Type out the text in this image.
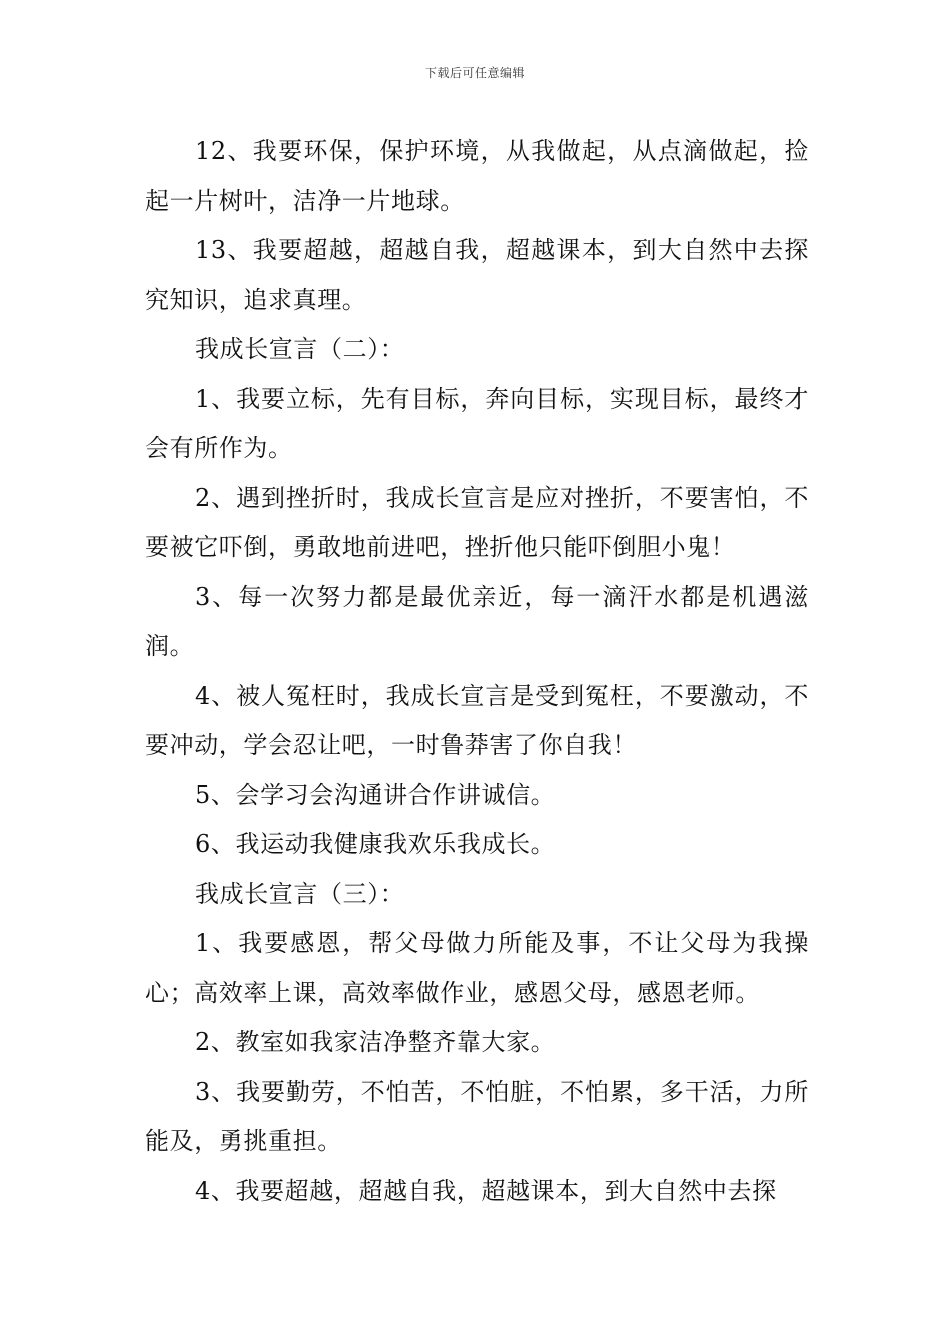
下载后可任意编辑

12、我要环保，保护环境，从我做起，从点滴做起，捡起一片树叶，洁净一片地球。

13、我要超越，超越自我，超越课本，到大自然中去探究知识，追求真理。

我成长宣言（二）：

1、我要立标，先有目标，奔向目标，实现目标，最终才会有所作为。

2、遇到挫折时，我成长宣言是应对挫折，不要害怕，不要被它吓倒，勇敢地前进吧，挫折他只能吓倒胆小鬼！

3、每一次努力都是最优亲近，每一滴汗水都是机遇滋润。

4、被人冤枉时，我成长宣言是受到冤枉，不要激动，不要冲动，学会忍让吧，一时鲁莽害了你自我！

5、会学习会沟通讲合作讲诚信。

6、我运动我健康我欢乐我成长。

我成长宣言（三）：

1、我要感恩，帮父母做力所能及事，不让父母为我操心；高效率上课，高效率做作业，感恩父母，感恩老师。

2、教室如我家洁净整齐靠大家。

3、我要勤劳，不怕苦，不怕脏，不怕累，多干活，力所能及，勇挑重担。

4、我要超越，超越自我，超越课本，到大自然中去探
